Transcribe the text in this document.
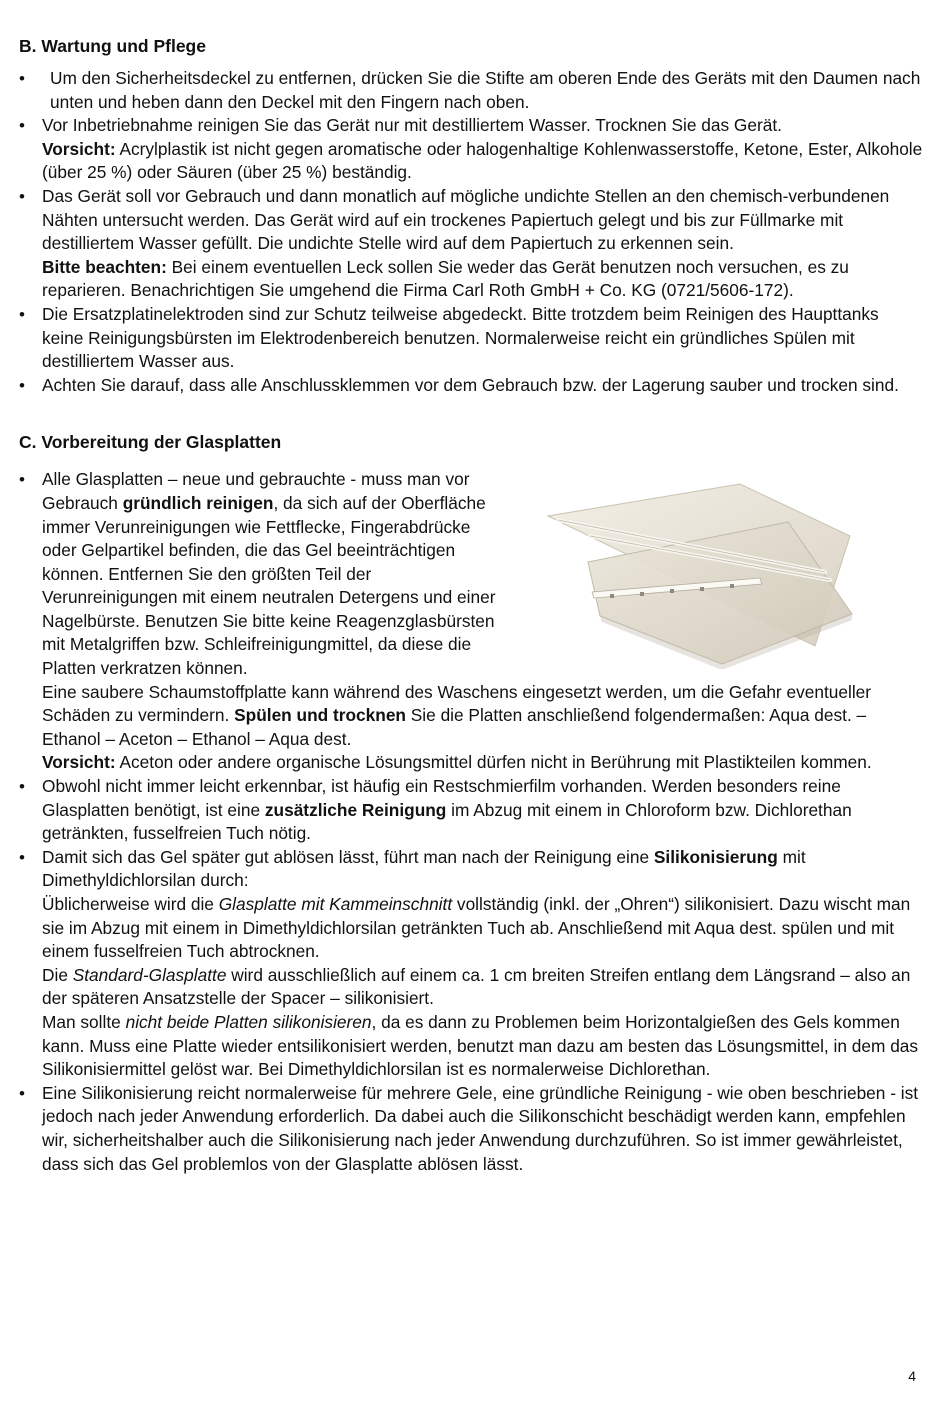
B. Wartung und Pflege
• Um den Sicherheitsdeckel zu entfernen, drücken Sie die Stifte am oberen Ende des Geräts mit den Daumen nach unten und heben dann den Deckel mit den Fingern nach oben.
• Vor Inbetriebnahme reinigen Sie das Gerät nur mit destilliertem Wasser. Trocknen Sie das Gerät.
Vorsicht: Acrylplastik ist nicht gegen aromatische oder halogenhaltige Kohlenwasserstoffe, Ketone, Ester, Alkohole (über 25 %) oder Säuren (über 25 %) beständig.
• Das Gerät soll vor Gebrauch und dann monatlich auf mögliche undichte Stellen an den chemisch-verbundenen Nähten untersucht werden. Das Gerät wird auf ein trockenes Papiertuch gelegt und bis zur Füllmarke mit destilliertem Wasser gefüllt. Die undichte Stelle wird auf dem Papiertuch zu erkennen sein.
Bitte beachten: Bei einem eventuellen Leck sollen Sie weder das Gerät benutzen noch versuchen, es zu reparieren. Benachrichtigen Sie umgehend die Firma Carl Roth GmbH + Co. KG (0721/5606-172).
• Die Ersatzplatinelektroden sind zur Schutz teilweise abgedeckt. Bitte trotzdem beim Reinigen des Haupttanks keine Reinigungsbürsten im Elektrodenbereich benutzen. Normalerweise reicht ein gründliches Spülen mit destilliertem Wasser aus.
• Achten Sie darauf, dass alle Anschlussklemmen vor dem Gebrauch bzw. der Lagerung sauber und trocken sind.
C. Vorbereitung der Glasplatten
• Alle Glasplatten – neue und gebrauchte - muss man vor Gebrauch gründlich reinigen, da sich auf der Oberfläche immer Verunreinigungen wie Fettflecke, Fingerabdrücke oder Gelpartikel befinden, die das Gel beeinträchtigen können. Entfernen Sie den größten Teil der Verunreinigungen mit einem neutralen Detergens und einer Nagelbürste. Benutzen Sie bitte keine Reagenzglasbürsten mit Metalgriffen bzw. Schleifreinigungmittel, da diese die Platten verkratzen können.
Eine saubere Schaumstoffplatte kann während des Waschens eingesetzt werden, um die Gefahr eventueller Schäden zu vermindern. Spülen und trocknen Sie die Platten anschließend folgendermaßen: Aqua dest. – Ethanol – Aceton – Ethanol – Aqua dest.
Vorsicht: Aceton oder andere organische Lösungsmittel dürfen nicht in Berührung mit Plastikteilen kommen.
• Obwohl nicht immer leicht erkennbar, ist häufig ein Restschmierfilm vorhanden. Werden besonders reine Glasplatten benötigt, ist eine zusätzliche Reinigung im Abzug mit einem in Chloroform bzw. Dichlorethan getränkten, fusselfreien Tuch nötig.
• Damit sich das Gel später gut ablösen lässt, führt man nach der Reinigung eine Silikonisierung mit Dimethyldichlorsilan durch:
Üblicherweise wird die Glasplatte mit Kammeinschnitt vollständig (inkl. der „Ohren“) silikonisiert. Dazu wischt man sie im Abzug mit einem in Dimethyldichlorsilan getränkten Tuch ab. Anschließend mit Aqua dest. spülen und mit einem fusselfreien Tuch abtrocknen.
Die Standard-Glasplatte wird ausschließlich auf einem ca. 1 cm breiten Streifen entlang dem Längsrand – also an der späteren Ansatzstelle der Spacer – silikonisiert.
Man sollte nicht beide Platten silikonisieren, da es dann zu Problemen beim Horizontalgießen des Gels kommen kann. Muss eine Platte wieder entsilikonisiert werden, benutzt man dazu am besten das Lösungsmittel, in dem das Silikonisiermittel gelöst war. Bei Dimethyldichlorsilan ist es normalerweise Dichlorethan.
• Eine Silikonisierung reicht normalerweise für mehrere Gele, eine gründliche Reinigung - wie oben beschrieben - ist jedoch nach jeder Anwendung erforderlich. Da dabei auch die Silikonschicht beschädigt werden kann, empfehlen wir, sicherheitshalber auch die Silikonisierung nach jeder Anwendung durchzuführen. So ist immer gewährleistet, dass sich das Gel problemlos von der Glasplatte ablösen lässt.
4
